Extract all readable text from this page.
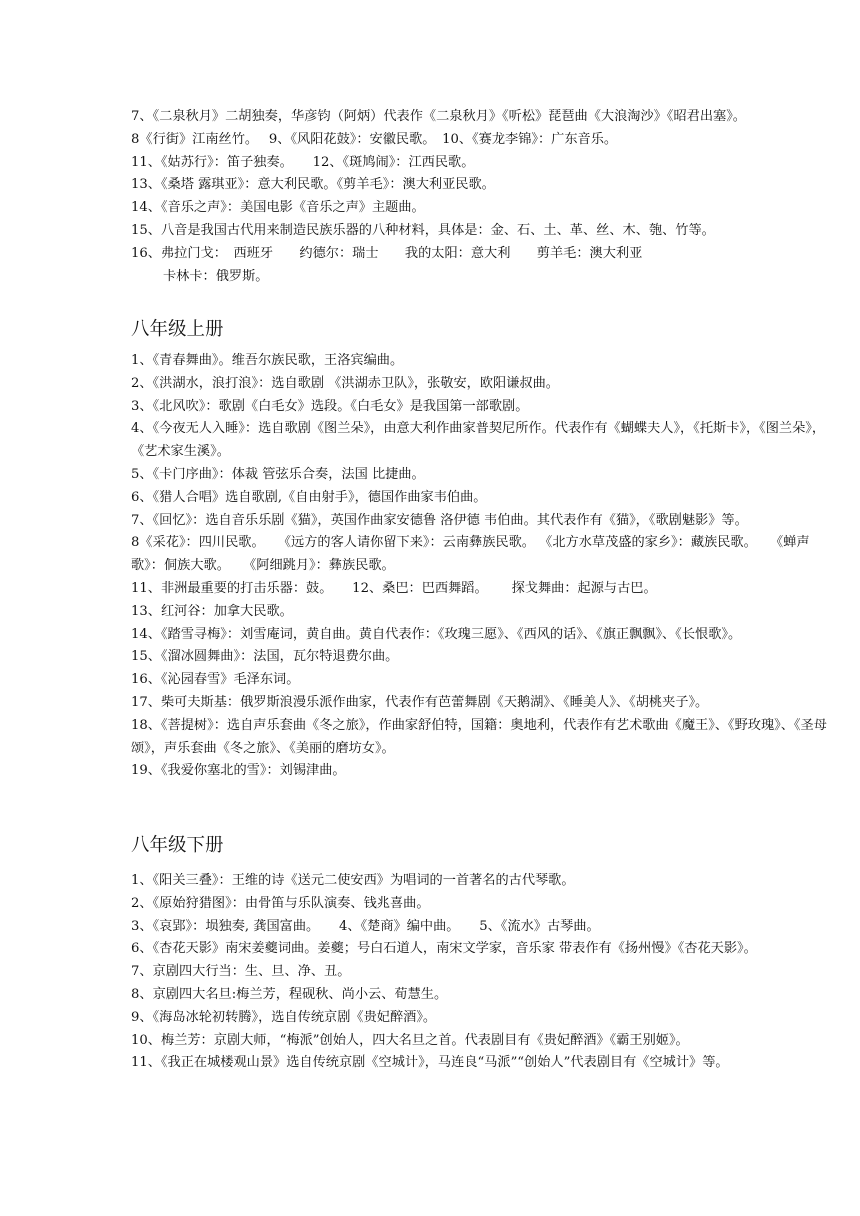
7、《二泉秋月》二胡独奏，华彦钧（阿炳）代表作《二泉秋月》《听松》琵琶曲《大浪淘沙》《昭君出塞》。
8《行街》江南丝竹。　 9、《风阳花鼓》：安徽民歌。　10、《赛龙李锦》：广东音乐。
11、《姑苏行》：笛子独奏。　　12、《斑鸠闹》：江西民歌。
13、《桑塔 露琪亚》：意大利民歌。《剪羊毛》：澳大利亚民歌。
14、《音乐之声》：美国电影《音乐之声》主题曲。
15、八音是我国古代用来制造民族乐器的八种材料，具体是：金、石、土、革、丝、木、匏、竹等。
16、弗拉门戈：　西班牙　　约德尔：瑞士　　我的太阳：意大利　　剪羊毛：澳大利亚
卡林卡：俄罗斯。
八年级上册
1、《青春舞曲》。维吾尔族民歌，王洛宾编曲。
2、《洪湖水，浪打浪》：选自歌剧 《洪湖赤卫队》，张敬安，欧阳谦叔曲。
3、《北风吹》：歌剧《白毛女》选段。《白毛女》是我国第一部歌剧。
4、《今夜无人入睡》：选自歌剧《图兰朵》，由意大利作曲家普契尼所作。代表作有《蝴蝶夫人》，《托斯卡》，《图兰朵》，《艺术家生溪》。
5、《卡门序曲》：体裁 管弦乐合奏，法国 比捷曲。
6、《猎人合唱》选自歌剧,《自由射手》，德国作曲家韦伯曲。
7、《回忆》：选自音乐乐剧《猫》，英国作曲家安德鲁 洛伊德 韦伯曲。其代表作有《猫》，《歌剧魅影》等。
8《采花》：四川民歌。　　《远方的客人请你留下来》：云南彝族民歌。 《北方水草茂盛的家乡》：藏族民歌。　　《蝉声歌》：侗族大歌。　　《阿细跳月》：彝族民歌。
11、非洲最重要的打击乐器：鼓。　　12、桑巴：巴西舞蹈。　　 探戈舞曲：起源与古巴。
13、红河谷：加拿大民歌。
14、《踏雪寻梅》：刘雪庵词，黄自曲。黄自代表作：《玫瑰三愿》、《西风的话》、《旗正飘飘》、《长恨歌》。
15、《溜冰圆舞曲》：法国，瓦尔特退费尔曲。
16、《沁园春雪》毛泽东词。
17、柴可夫斯基：俄罗斯浪漫乐派作曲家，代表作有芭蕾舞剧《天鹅湖》、《睡美人》、《胡桃夹子》。
18、《菩提树》：选自声乐套曲《冬之旅》，作曲家舒伯特，国籍：奥地利，代表作有艺术歌曲《魔王》、《野玫瑰》、《圣母颂》，声乐套曲《冬之旅》、《美丽的磨坊女》。
19、《我爱你塞北的雪》：刘锡津曲。
八年级下册
1、《阳关三叠》：王维的诗《送元二使安西》为唱词的一首著名的古代琴歌。
2、《原始狩猎图》：由骨笛与乐队演奏、钱兆喜曲。
3、《哀郢》：埙独奏, 龚国富曲。　　4、《楚商》编中曲。　　5、《流水》古琴曲。
6、《杏花天影》南宋姜夔词曲。姜夔；号白石道人，南宋文学家，音乐家 带表作有《扬州慢》《杏花天影》。
7、京剧四大行当：生、旦、净、丑。
8、京剧四大名旦:梅兰芳，程砚秋、尚小云、荀慧生。
9、《海岛冰轮初转腾》，选自传统京剧《贵妃醉酒》。
10、梅兰芳：京剧大师，“梅派”创始人，四大名旦之首。代表剧目有《贵妃醉酒》《霸王别姬》。
11、《我正在城楼观山景》选自传统京剧《空城计》，马连良“马派”“创始人”代表剧目有《空城计》等。
